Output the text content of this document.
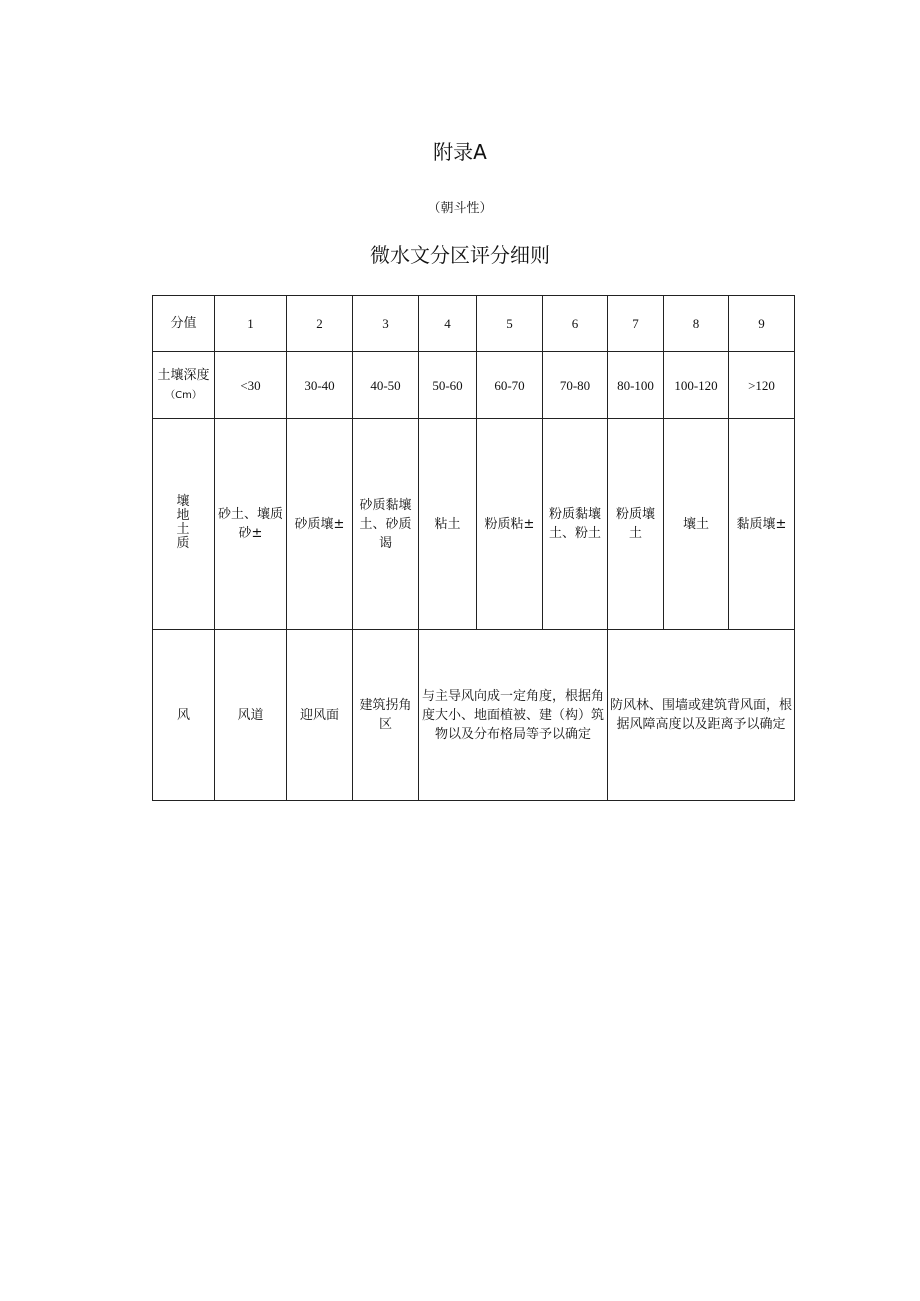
附录A
（朝斗性）
微水文分区评分细则
分值	1	2	3	4	5	6	7	8	9
土壤深度（Cm）	<30	30-40	40-50	50-60	60-70	70-80	80-100	100-120	>120
壤地土质	砂土、壤质砂±	砂质壤±	砂质黏壤土、砂质谒	粘土	粉质粘±	粉质黏壤土、粉土	粉质壤土	壤土	黏质壤±
风	风道	迎风面	建筑拐角区	与主导风向成一定角度，根据角度大小、地面植被、建（构）筑物以及分布格局等予以确定			防风林、围墙或建筑背风面，根据风障高度以及距离予以确定		
